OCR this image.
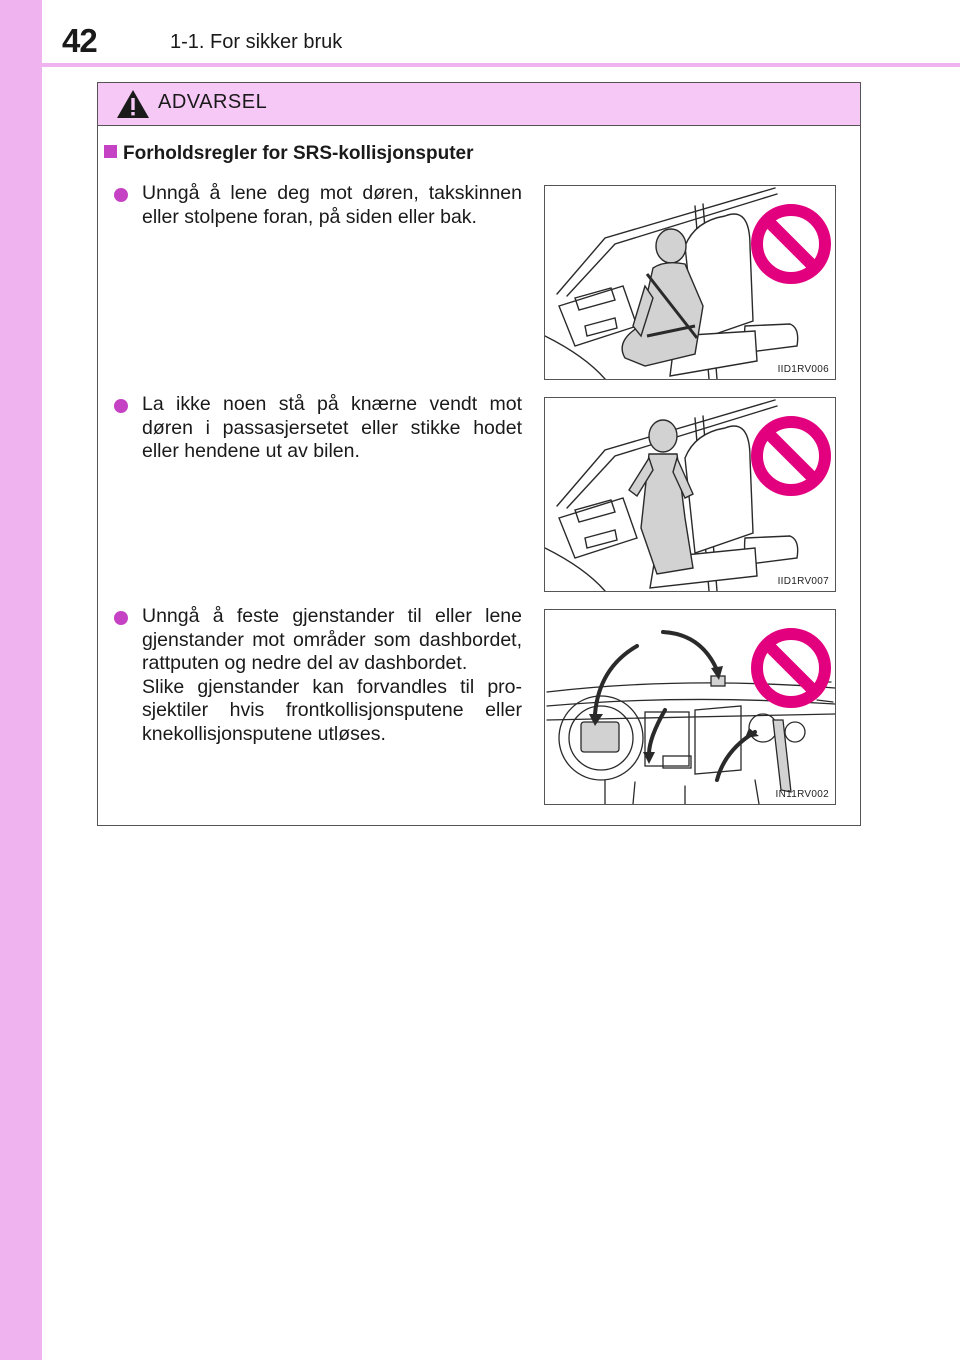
42	1-1. For sikker bruk
ADVARSEL
Forholdsregler for SRS-kollisjonsputer
Unngå å lene deg mot døren, takskinnen eller stolpene foran, på siden eller bak.
IID1RV006
La ikke noen stå på knærne vendt mot døren i passasjersetet eller stikke hodet eller hendene ut av bilen.
IID1RV007
Unngå å feste gjenstander til eller lene gjenstander mot områder som dashbordet, rattputen og nedre del av dashbordet.
Slike gjenstander kan forvandles til prosjektiler hvis frontkollisjonsputene eller knekollisjonsputene utløses.
IN11RV002
